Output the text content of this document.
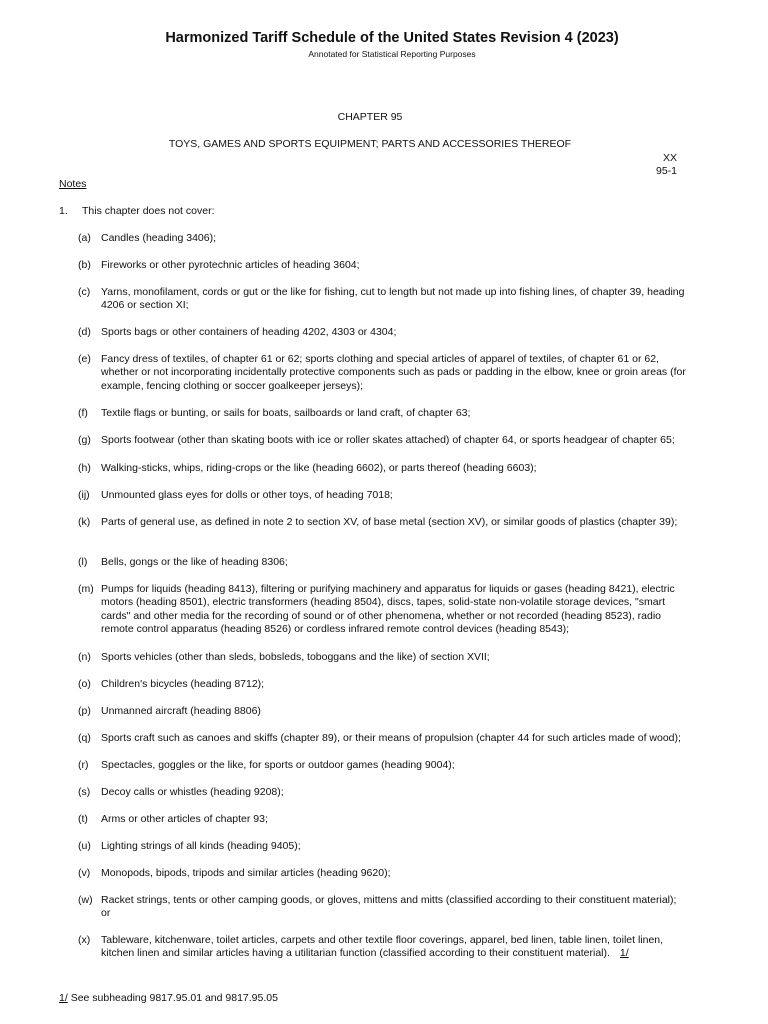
Harmonized Tariff Schedule of the United States Revision 4 (2023)
Annotated for Statistical Reporting Purposes
CHAPTER 95
TOYS, GAMES AND SPORTS EQUIPMENT; PARTS AND ACCESSORIES THEREOF
XX
95-1
Notes
1. This chapter does not cover:
(a) Candles (heading 3406);
(b) Fireworks or other pyrotechnic articles of heading 3604;
(c) Yarns, monofilament, cords or gut or the like for fishing, cut to length but not made up into fishing lines, of chapter 39, heading 4206 or section XI;
(d) Sports bags or other containers of heading 4202, 4303 or 4304;
(e) Fancy dress of textiles, of chapter 61 or 62; sports clothing and special articles of apparel of textiles, of chapter 61 or 62, whether or not incorporating incidentally protective components such as pads or padding in the elbow, knee or groin areas (for example, fencing clothing or soccer goalkeeper jerseys);
(f) Textile flags or bunting, or sails for boats, sailboards or land craft, of chapter 63;
(g) Sports footwear (other than skating boots with ice or roller skates attached) of chapter 64, or sports headgear of chapter 65;
(h) Walking-sticks, whips, riding-crops or the like (heading 6602), or parts thereof (heading 6603);
(ij) Unmounted glass eyes for dolls or other toys, of heading 7018;
(k) Parts of general use, as defined in note 2 to section XV, of base metal (section XV), or similar goods of plastics (chapter 39);
(l) Bells, gongs or the like of heading 8306;
(m) Pumps for liquids (heading 8413), filtering or purifying machinery and apparatus for liquids or gases (heading 8421), electric motors (heading 8501), electric transformers (heading 8504), discs, tapes, solid-state non-volatile storage devices, "smart cards" and other media for the recording of sound or of other phenomena, whether or not recorded (heading 8523), radio remote control apparatus (heading 8526) or cordless infrared remote control devices (heading 8543);
(n) Sports vehicles (other than sleds, bobsleds, toboggans and the like) of section XVII;
(o) Children's bicycles (heading 8712);
(p) Unmanned aircraft (heading 8806)
(q) Sports craft such as canoes and skiffs (chapter 89), or their means of propulsion (chapter 44 for such articles made of wood);
(r) Spectacles, goggles or the like, for sports or outdoor games (heading 9004);
(s) Decoy calls or whistles (heading 9208);
(t) Arms or other articles of chapter 93;
(u) Lighting strings of all kinds (heading 9405);
(v) Monopods, bipods, tripods and similar articles (heading 9620);
(w) Racket strings, tents or other camping goods, or gloves, mittens and mitts (classified according to their constituent material); or
(x) Tableware, kitchenware, toilet articles, carpets and other textile floor coverings, apparel, bed linen, table linen, toilet linen, kitchen linen and similar articles having a utilitarian function (classified according to their constituent material). 1/
1/ See subheading 9817.95.01 and 9817.95.05
